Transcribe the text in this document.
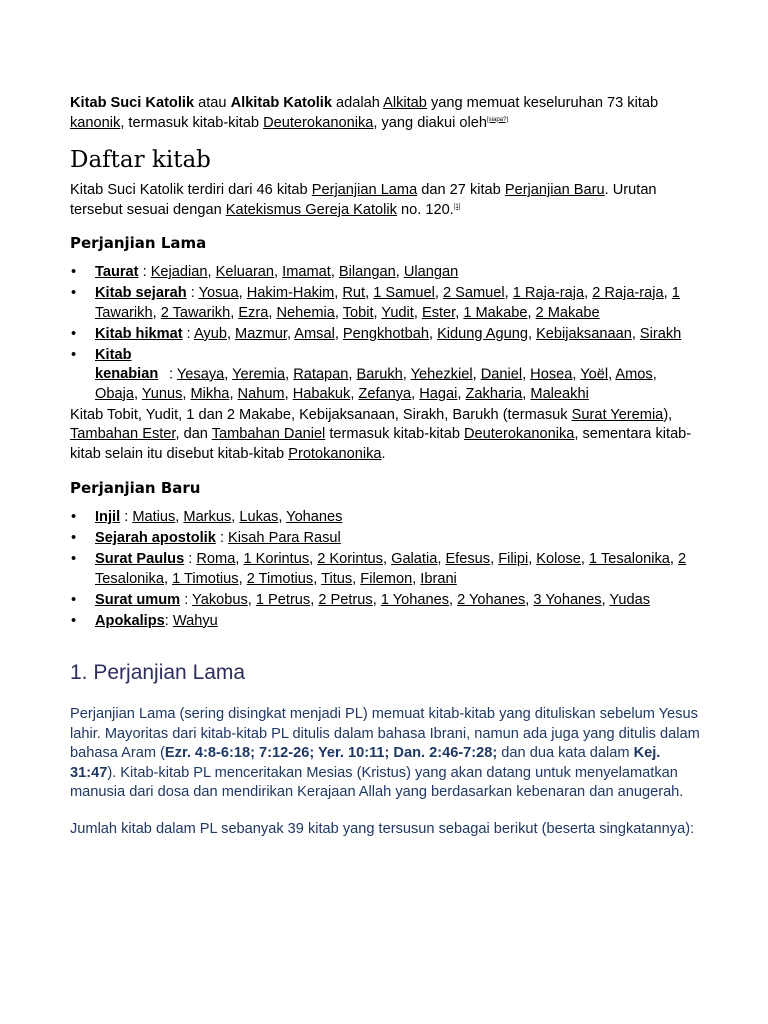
Kitab Suci Katolik atau Alkitab Katolik adalah Alkitab yang memuat keseluruhan 73 kitab kanonik, termasuk kitab-kitab Deuterokanonika, yang diakui oleh[siapa?]

Daftar kitab

Kitab Suci Katolik terdiri dari 46 kitab Perjanjian Lama dan 27 kitab Perjanjian Baru. Urutan tersebut sesuai dengan Katekismus Gereja Katolik no. 120.[1]

Perjanjian Lama
• Taurat : Kejadian, Keluaran, Imamat, Bilangan, Ulangan
• Kitab sejarah : Yosua, Hakim-Hakim, Rut, 1 Samuel, 2 Samuel, 1 Raja-raja, 2 Raja-raja, 1 Tawarikh, 2 Tawarikh, Ezra, Nehemia, Tobit, Yudit, Ester, 1 Makabe, 2 Makabe
• Kitab hikmat : Ayub, Mazmur, Amsal, Pengkhotbah, Kidung Agung, Kebijaksanaan, Sirakh
• Kitab kenabian : Yesaya, Yeremia, Ratapan, Barukh, Yehezkiel, Daniel, Hosea, Yoël, Amos, Obaja, Yunus, Mikha, Nahum, Habakuk, Zefanya, Hagai, Zakharia, Maleakhi

Kitab Tobit, Yudit, 1 dan 2 Makabe, Kebijaksanaan, Sirakh, Barukh (termasuk Surat Yeremia), Tambahan Ester, dan Tambahan Daniel termasuk kitab-kitab Deuterokanonika, sementara kitab-kitab selain itu disebut kitab-kitab Protokanonika.

Perjanjian Baru
• Injil : Matius, Markus, Lukas, Yohanes
• Sejarah apostolik : Kisah Para Rasul
• Surat Paulus : Roma, 1 Korintus, 2 Korintus, Galatia, Efesus, Filipi, Kolose, 1 Tesalonika, 2 Tesalonika, 1 Timotius, 2 Timotius, Titus, Filemon, Ibrani
• Surat umum : Yakobus, 1 Petrus, 2 Petrus, 1 Yohanes, 2 Yohanes, 3 Yohanes, Yudas
• Apokalips: Wahyu
1. Perjanjian Lama

Perjanjian Lama (sering disingkat menjadi PL) memuat kitab-kitab yang dituliskan sebelum Yesus lahir. Mayoritas dari kitab-kitab PL ditulis dalam bahasa Ibrani, namun ada juga yang ditulis dalam bahasa Aram (Ezr. 4:8-6:18; 7:12-26; Yer. 10:11; Dan. 2:46-7:28; dan dua kata dalam Kej. 31:47). Kitab-kitab PL menceritakan Mesias (Kristus) yang akan datang untuk menyelamatkan manusia dari dosa dan mendirikan Kerajaan Allah yang berdasarkan kebenaran dan anugerah.

Jumlah kitab dalam PL sebanyak 39 kitab yang tersusun sebagai berikut (beserta singkatannya):
